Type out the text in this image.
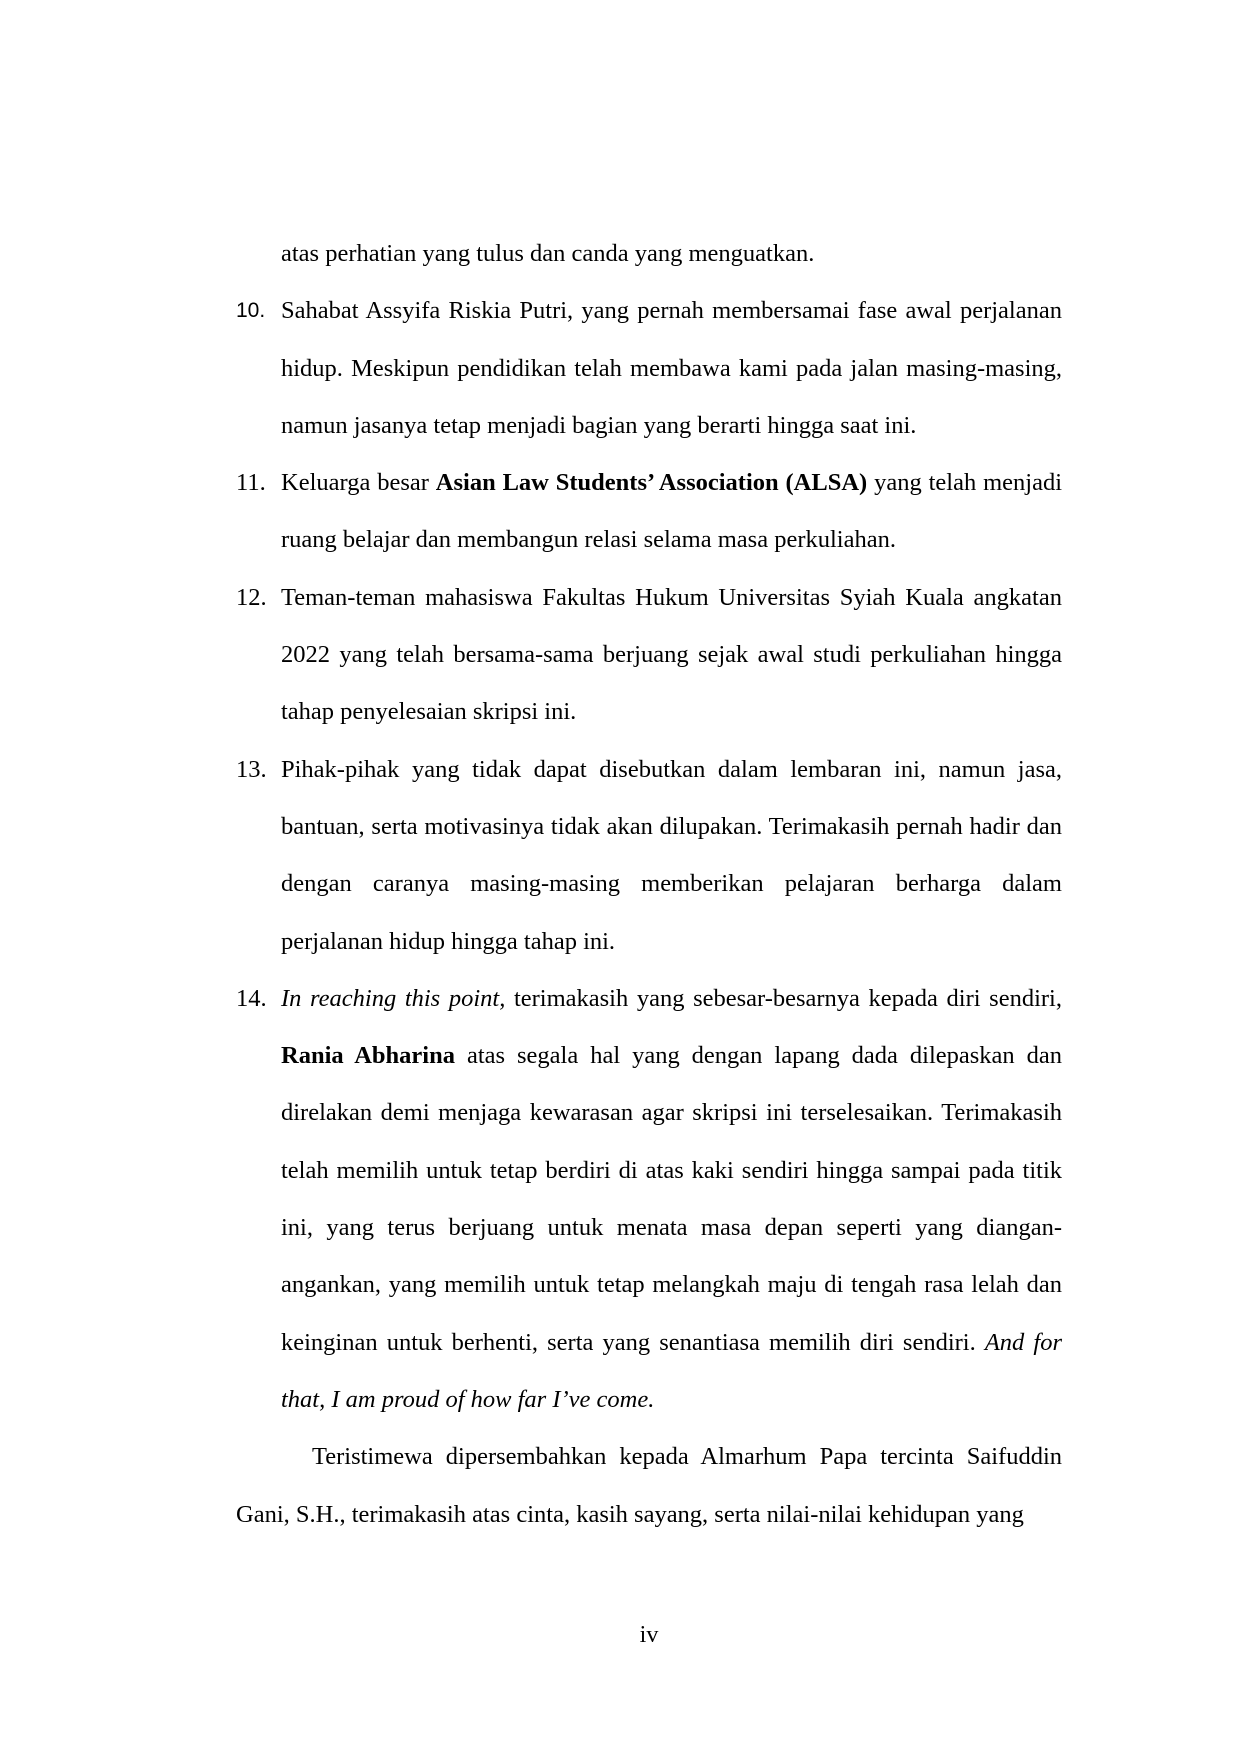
atas perhatian yang tulus dan canda yang menguatkan.
10. Sahabat Assyifa Riskia Putri, yang pernah membersamai fase awal perjalanan hidup. Meskipun pendidikan telah membawa kami pada jalan masing-masing, namun jasanya tetap menjadi bagian yang berarti hingga saat ini.
11. Keluarga besar Asian Law Students’ Association (ALSA) yang telah menjadi ruang belajar dan membangun relasi selama masa perkuliahan.
12. Teman-teman mahasiswa Fakultas Hukum Universitas Syiah Kuala angkatan 2022 yang telah bersama-sama berjuang sejak awal studi perkuliahan hingga tahap penyelesaian skripsi ini.
13. Pihak-pihak yang tidak dapat disebutkan dalam lembaran ini, namun jasa, bantuan, serta motivasinya tidak akan dilupakan. Terimakasih pernah hadir dan dengan caranya masing-masing memberikan pelajaran berharga dalam perjalanan hidup hingga tahap ini.
14. In reaching this point, terimakasih yang sebesar-besarnya kepada diri sendiri, Rania Abharina atas segala hal yang dengan lapang dada dilepaskan dan direlakan demi menjaga kewarasan agar skripsi ini terselesaikan. Terimakasih telah memilih untuk tetap berdiri di atas kaki sendiri hingga sampai pada titik ini, yang terus berjuang untuk menata masa depan seperti yang diangan-angankan, yang memilih untuk tetap melangkah maju di tengah rasa lelah dan keinginan untuk berhenti, serta yang senantiasa memilih diri sendiri. And for that, I am proud of how far I’ve come.
Teristimewa dipersembahkan kepada Almarhum Papa tercinta Saifuddin Gani, S.H., terimakasih atas cinta, kasih sayang, serta nilai-nilai kehidupan yang
iv
